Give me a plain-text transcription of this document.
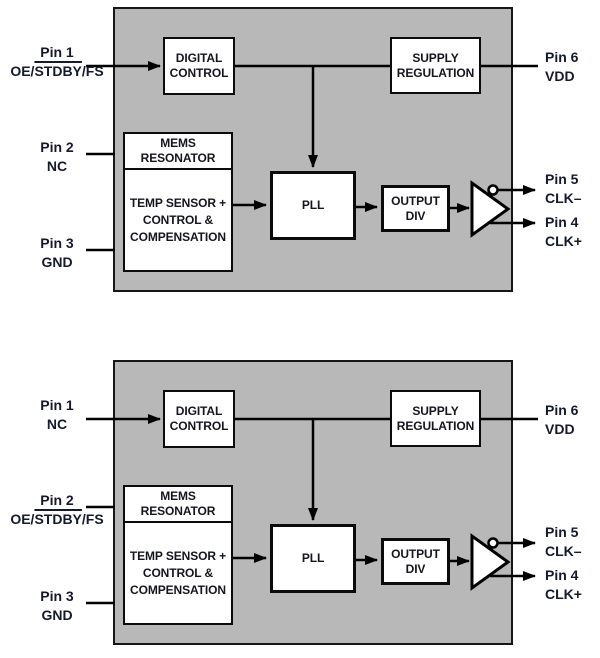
DIGITAL
CONTROL
SUPPLY
REGULATION
MEMS
RESONATOR
TEMP SENSOR +
CONTROL &
COMPENSATION
PLL	OUTPUT
DIV
Pin 1
OE/STDBY/FS
Pin 2
NC
Pin 3
GND
Pin 6
VDD
Pin 5
CLK–
Pin 4
CLK+
DIGITAL
CONTROL
SUPPLY
REGULATION
MEMS
RESONATOR
TEMP SENSOR +
CONTROL &
COMPENSATION
PLL	OUTPUT
DIV
Pin 1
NC
Pin 2
OE/STDBY/FS
Pin 3
GND
Pin 6
VDD
Pin 5
CLK–
Pin 4
CLK+
